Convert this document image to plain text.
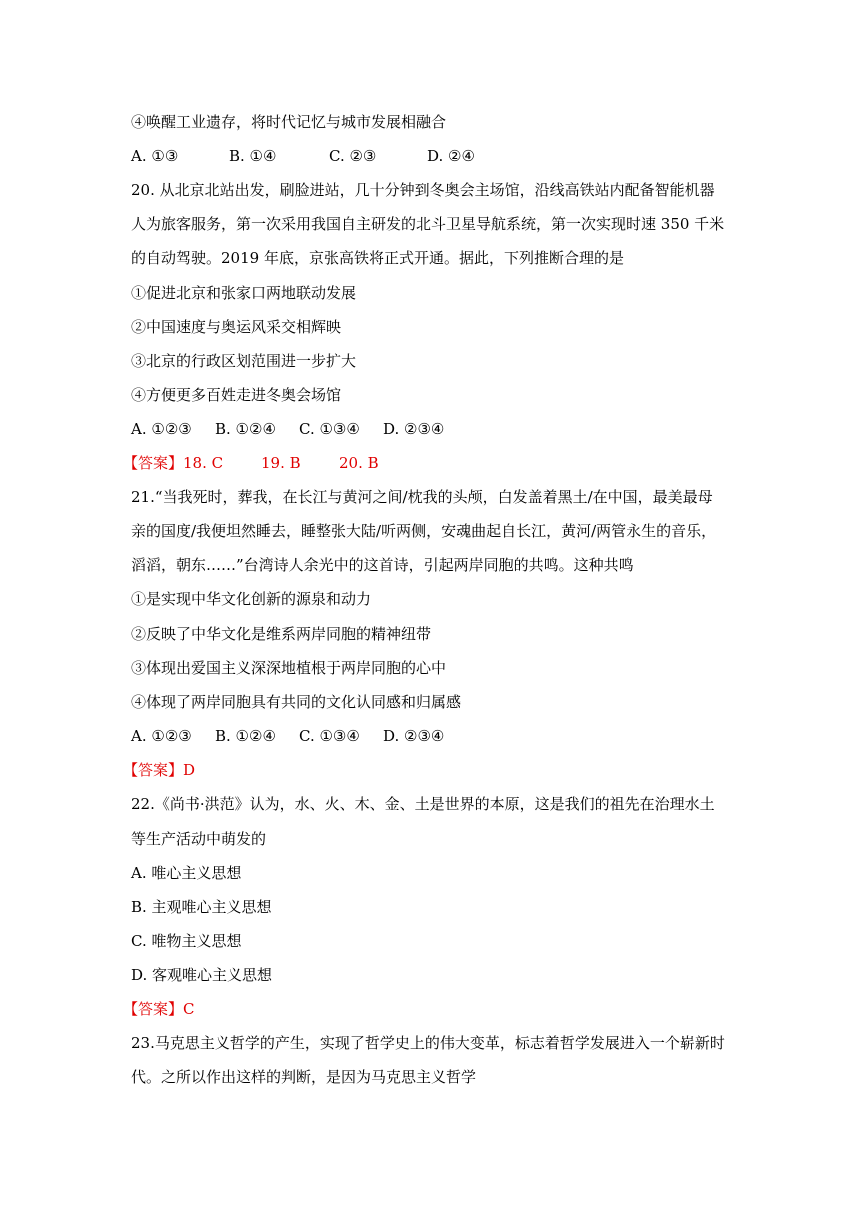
④唤醒工业遗存，将时代记忆与城市发展相融合
A. ①③	B. ①④	C. ②③	D. ②④
20. 从北京北站出发，刷脸进站，几十分钟到冬奥会主场馆，沿线高铁站内配备智能机器
人为旅客服务，第一次采用我国自主研发的北斗卫星导航系统，第一次实现时速 350 千米
的自动驾驶。2019 年底，京张高铁将正式开通。据此，下列推断合理的是
①促进北京和张家口两地联动发展
②中国速度与奥运风采交相辉映
③北京的行政区划范围进一步扩大
④方便更多百姓走进冬奥会场馆
A. ①②③ B. ①②④ C. ①③④ D. ②③④
【答案】18. C	19. B	20. B
21.“当我死时，葬我，在长江与黄河之间/枕我的头颅，白发盖着黑土/在中国，最美最母
亲的国度/我便坦然睡去，睡整张大陆/听两侧，安魂曲起自长江，黄河/两管永生的音乐，
滔滔，朝东……”台湾诗人余光中的这首诗，引起两岸同胞的共鸣。这种共鸣
①是实现中华文化创新的源泉和动力
②反映了中华文化是维系两岸同胞的精神纽带
③体现出爱国主义深深地植根于两岸同胞的心中
④体现了两岸同胞具有共同的文化认同感和归属感
A. ①②③ B. ①②④ C. ①③④ D. ②③④
【答案】D
22.《尚书·洪范》认为，水、火、木、金、土是世界的本原，这是我们的祖先在治理水土
等生产活动中萌发的
A. 唯心主义思想
B. 主观唯心主义思想
C. 唯物主义思想
D. 客观唯心主义思想
【答案】C
23.马克思主义哲学的产生，实现了哲学史上的伟大变革，标志着哲学发展进入一个崭新时
代。之所以作出这样的判断，是因为马克思主义哲学
